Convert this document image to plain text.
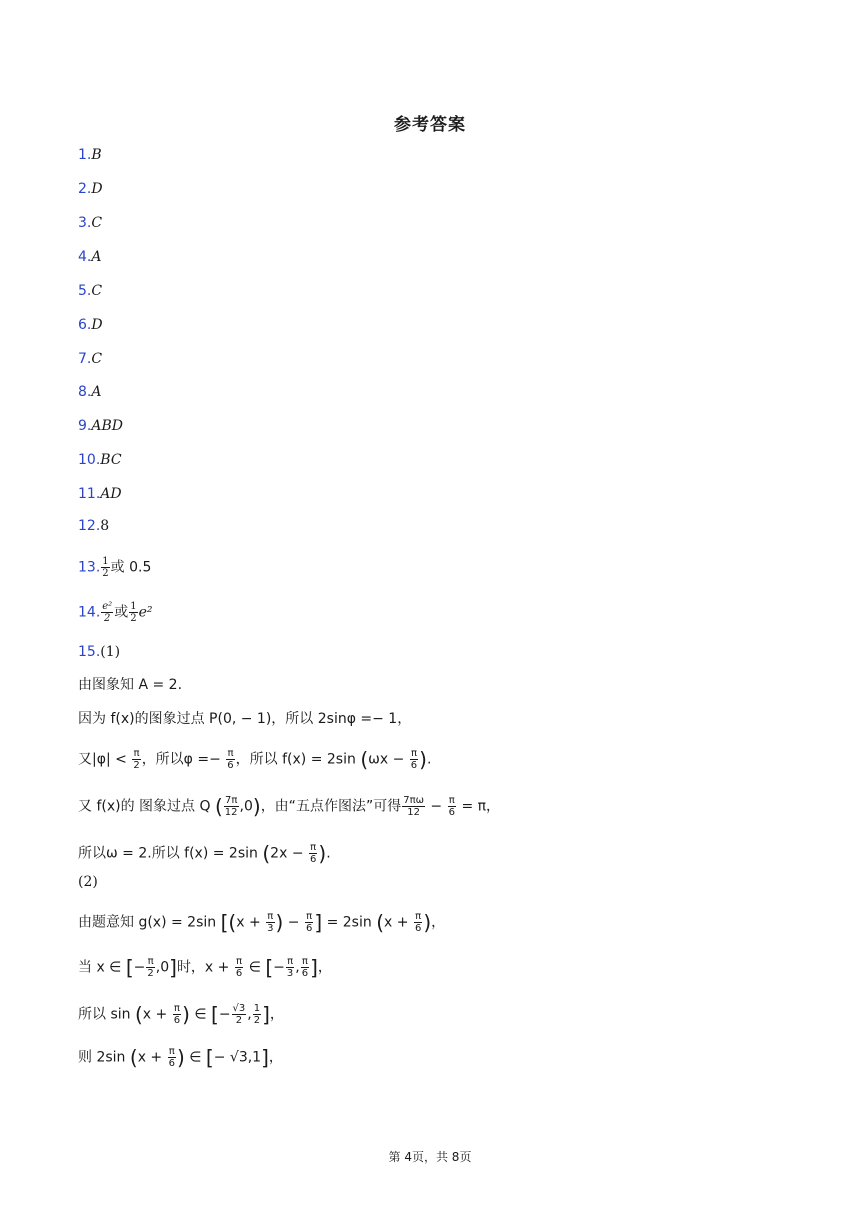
参考答案
1.B
2.D
3.C
4.A
5.C
6.D
7.C
8.A
9.ABD
10.BC
11.AD
12.8
13. $\frac{1}{2}$ 或 0.5
14. $\frac{\text{e²}}{2}$ 或 $\frac{1}{2} e^2$
15.(1)
由图象知 A = 2.
因为 f(x)的图象过点 P(0, − 1)，所以 2sinφ =− 1，
又$|\varphi| < \frac{\pi}{2}$ ，所以$\varphi =- \frac{\pi}{6}$ ，所以 f(x) = 2sin ($\omega x - \frac{\pi}{6}$ ).
又 f(x)的 图象过点 Q ( $\frac{7\pi}{12} ,0$)，由“五点作图法”可得 $\frac{7\pi\omega}{12} - \frac{\pi}{6} = \pi$，
所以ω = 2.所以 f(x) = 2sin ($2x - \frac{\pi}{6}$ ).
(2)
由题意知 g(x) = 2sin [($x + \frac{\pi}{3}$ ) − $\frac{\pi}{6}$ ] = 2sin ($x + \frac{\pi}{6}$ )，
当 x ∈ [− $\frac{\pi}{2} ,0$]时，$x + \frac{\pi}{6}$ ∈ [− $\frac{\pi}{3}$ , $\frac{\pi}{6}$ ]，
所以 $\sin (x + \frac{\pi}{6}$ ) ∈ [− $\frac{√3}{2}$ , $\frac{1}{2}$ ]，
则 2sin ($x + \frac{\pi}{6}$ ) ∈ [− √3,1]，
第 4页，共 8页
